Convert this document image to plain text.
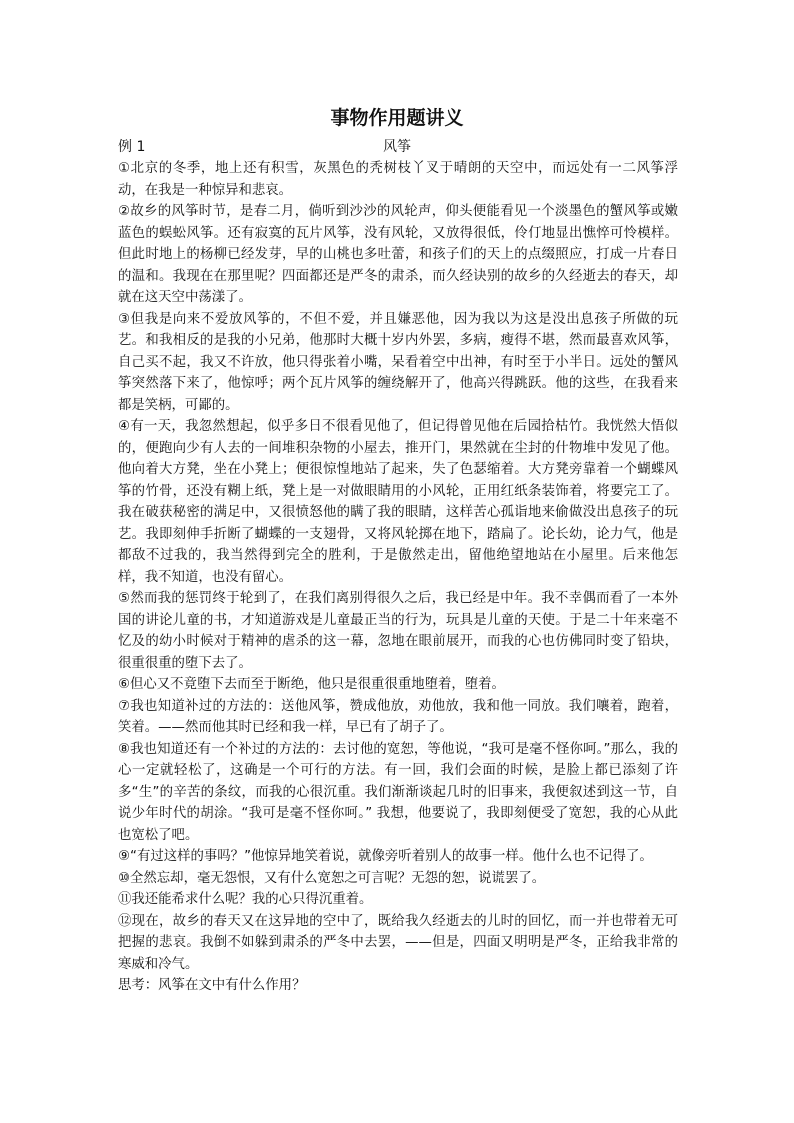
事物作用题讲义
例 1	风筝

①北京的冬季，地上还有积雪，灰黑色的秃树枝丫叉于晴朗的天空中，而远处有一二风筝浮动，在我是一种惊异和悲哀。

②故乡的风筝时节，是春二月，倘听到沙沙的风轮声，仰头便能看见一个淡墨色的蟹风筝或嫩蓝色的蜈蚣风筝。还有寂寞的瓦片风筝，没有风轮，又放得很低，伶仃地显出憔悴可怜模样。但此时地上的杨柳已经发芽，早的山桃也多吐蕾，和孩子们的天上的点缀照应，打成一片春日的温和。我现在在那里呢？四面都还是严冬的肃杀，而久经诀别的故乡的久经逝去的春天，却就在这天空中荡漾了。

③但我是向来不爱放风筝的，不但不爱，并且嫌恶他，因为我以为这是没出息孩子所做的玩艺。和我相反的是我的小兄弟，他那时大概十岁内外罢，多病，瘦得不堪，然而最喜欢风筝，自己买不起，我又不许放，他只得张着小嘴，呆看着空中出神，有时至于小半日。远处的蟹风筝突然落下来了，他惊呼；两个瓦片风筝的缠绕解开了，他高兴得跳跃。他的这些，在我看来都是笑柄，可鄙的。

④有一天，我忽然想起，似乎多日不很看见他了，但记得曾见他在后园拾枯竹。我恍然大悟似的，便跑向少有人去的一间堆积杂物的小屋去，推开门，果然就在尘封的什物堆中发见了他。他向着大方凳，坐在小凳上；便很惊惶地站了起来，失了色瑟缩着。大方凳旁靠着一个蝴蝶风筝的竹骨，还没有糊上纸，凳上是一对做眼睛用的小风轮，正用红纸条装饰着，将要完工了。我在破获秘密的满足中，又很愤怒他的瞒了我的眼睛，这样苦心孤诣地来偷做没出息孩子的玩艺。我即刻伸手折断了蝴蝶的一支翅骨，又将风轮掷在地下，踏扁了。论长幼，论力气，他是都敌不过我的，我当然得到完全的胜利，于是傲然走出，留他绝望地站在小屋里。后来他怎样，我不知道，也没有留心。

⑤然而我的惩罚终于轮到了，在我们离别得很久之后，我已经是中年。我不幸偶而看了一本外国的讲论儿童的书，才知道游戏是儿童最正当的行为，玩具是儿童的天使。于是二十年来毫不忆及的幼小时候对于精神的虐杀的这一幕，忽地在眼前展开，而我的心也仿佛同时变了铅块，很重很重的堕下去了。

⑥但心又不竟堕下去而至于断绝，他只是很重很重地堕着，堕着。

⑦我也知道补过的方法的：送他风筝，赞成他放，劝他放，我和他一同放。我们嚷着，跑着，笑着。——然而他其时已经和我一样，早已有了胡子了。

⑧我也知道还有一个补过的方法的：去讨他的宽恕，等他说，“我可是毫不怪你呵。”那么，我的心一定就轻松了，这确是一个可行的方法。有一回，我们会面的时候，是脸上都已添刻了许多“生”的辛苦的条纹，而我的心很沉重。我们渐渐谈起几时的旧事来，我便叙述到这一节，自说少年时代的胡涂。“我可是毫不怪你呵。” 我想，他要说了，我即刻便受了宽恕，我的心从此也宽松了吧。

⑨“有过这样的事吗？”他惊异地笑着说，就像旁听着别人的故事一样。他什么也不记得了。

⑩全然忘却，毫无怨恨，又有什么宽恕之可言呢？无怨的恕，说谎罢了。

⑪我还能希求什么呢？我的心只得沉重着。

⑫现在，故乡的春天又在这异地的空中了，既给我久经逝去的儿时的回忆，而一并也带着无可把握的悲哀。我倒不如躲到肃杀的严冬中去罢，——但是，四面又明明是严冬，正给我非常的寒威和冷气。

思考：风筝在文中有什么作用？
